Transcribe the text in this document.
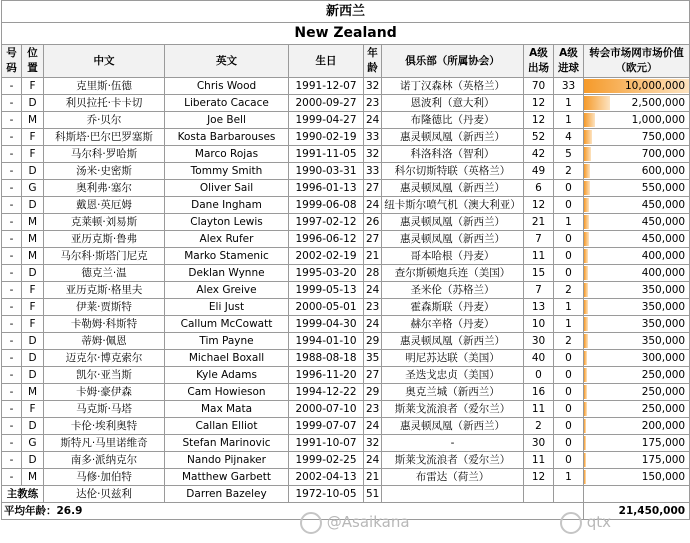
新西兰									
New Zealand									
号码	位置	中文	英文	生日	年龄	俱乐部（所属协会）	A级出场	A级进球	转会市场网市场价值（欧元）
-	F	克里斯·伍德	Chris Wood	1991-12-07	32	诺丁汉森林（英格兰）	70	33	10,000,000
-	D	利贝拉托·卡卡切	Liberato Cacace	2000-09-27	23	恩波利（意大利）	12	1	2,500,000
-	M	乔·贝尔	Joe Bell	1999-04-27	24	布隆德比（丹麦）	12	1	1,000,000
-	F	科斯塔·巴尔巴罗塞斯	Kosta Barbarouses	1990-02-19	33	惠灵顿凤凰（新西兰）	52	4	750,000
-	F	马尔科·罗哈斯	Marco Rojas	1991-11-05	32	科洛科洛（智利）	42	5	700,000
-	D	汤米·史密斯	Tommy Smith	1990-03-31	33	科尔切斯特联（英格兰）	49	2	600,000
-	G	奥利弗·塞尔	Oliver Sail	1996-01-13	27	惠灵顿凤凰（新西兰）	6	0	550,000
-	D	戴恩·英厄姆	Dane Ingham	1999-06-08	24	纽卡斯尔喷气机（澳大利亚）	12	0	450,000
-	M	克莱顿·刘易斯	Clayton Lewis	1997-02-12	26	惠灵顿凤凰（新西兰）	21	1	450,000
-	M	亚历克斯·鲁弗	Alex Rufer	1996-06-12	27	惠灵顿凤凰（新西兰）	7	0	450,000
-	M	马尔科·斯塔门尼克	Marko Stamenic	2002-02-19	21	哥本哈根（丹麦）	11	0	400,000
-	D	德克兰·温	Deklan Wynne	1995-03-20	28	查尔斯顿炮兵连（美国）	15	0	400,000
-	F	亚历克斯·格里夫	Alex Greive	1999-05-13	24	圣米伦（苏格兰）	7	2	350,000
-	F	伊莱·贾斯特	Eli Just	2000-05-01	23	霍森斯联（丹麦）	13	1	350,000
-	F	卡勒姆·科斯特	Callum McCowatt	1999-04-30	24	赫尔辛格（丹麦）	10	1	350,000
-	D	蒂姆·佩恩	Tim Payne	1994-01-10	29	惠灵顿凤凰（新西兰）	30	2	350,000
-	D	迈克尔·博克索尔	Michael Boxall	1988-08-18	35	明尼苏达联（美国）	40	0	300,000
-	D	凯尔·亚当斯	Kyle Adams	1996-11-20	27	圣迭戈忠贞（美国）	0	0	250,000
-	M	卡姆·豪伊森	Cam Howieson	1994-12-22	29	奥克兰城（新西兰）	16	0	250,000
-	F	马克斯·马塔	Max Mata	2000-07-10	23	斯莱戈流浪者（爱尔兰）	11	0	250,000
-	D	卡伦·埃利奥特	Callan Elliot	1999-07-07	24	惠灵顿凤凰（新西兰）	2	0	200,000
-	G	斯特凡·马里诺维奇	Stefan Marinovic	1991-10-07	32	-	30	0	175,000
-	D	南多·派纳克尔	Nando Pijnaker	1999-02-25	24	斯莱戈流浪者（爱尔兰）	11	0	175,000
-	M	马修·加伯特	Matthew Garbett	2002-04-13	21	布雷达（荷兰）	12	1	150,000
主教练		达伦·贝兹利	Darren Bazeley	1972-10-05	51				
平均年龄：26.9									21,450,000
@Asaikana	qtx
